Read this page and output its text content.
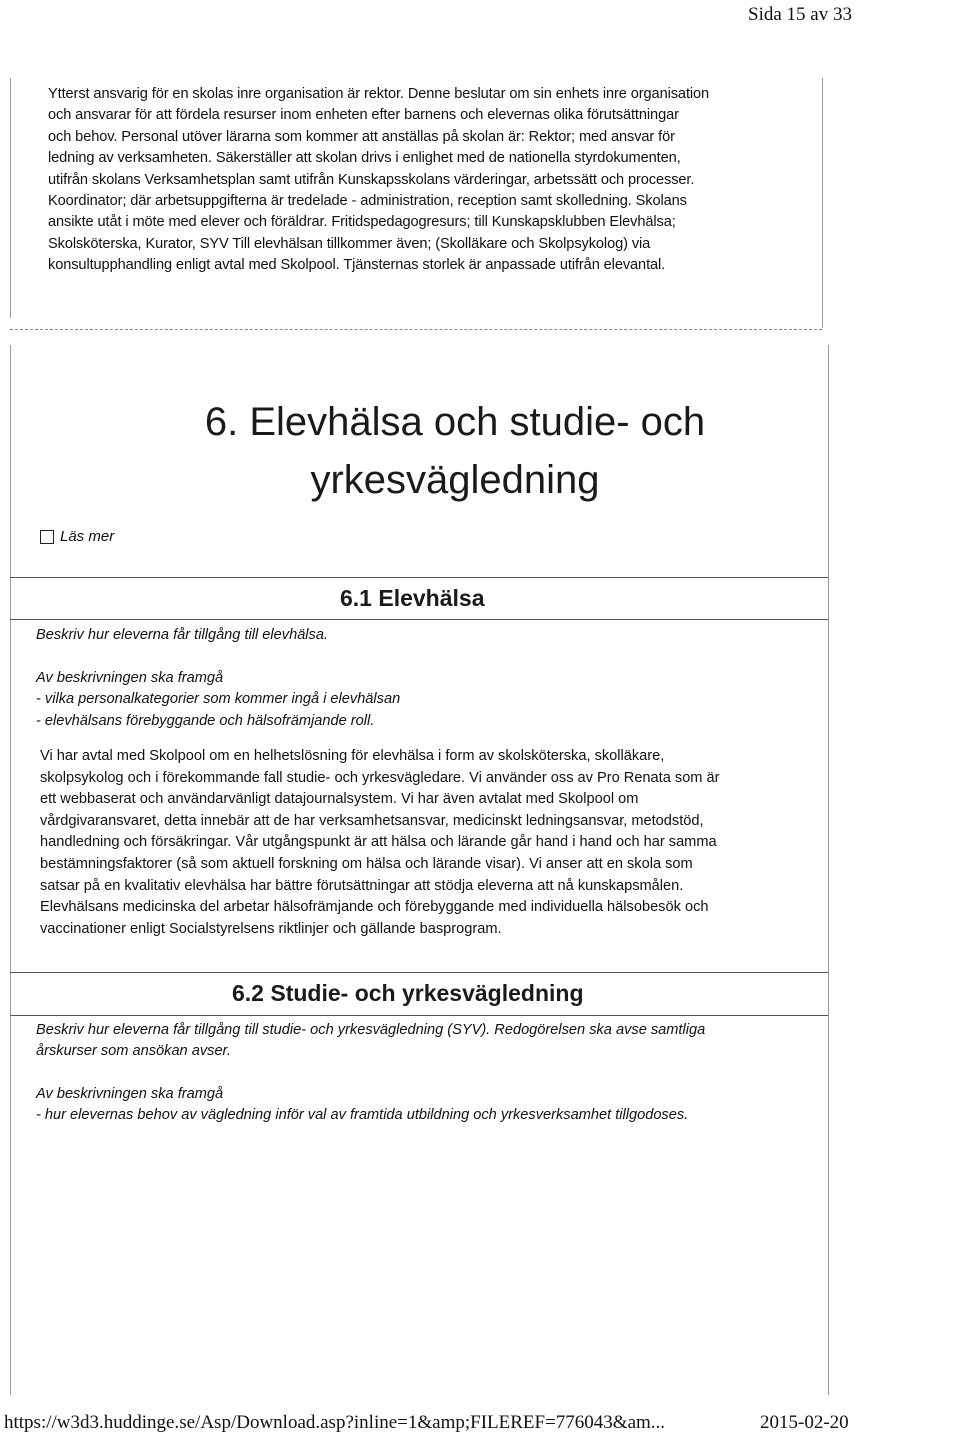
Sida 15 av 33
Ytterst ansvarig för en skolas inre organisation är rektor. Denne beslutar om sin enhets inre organisation
och ansvarar för att fördela resurser inom enheten efter barnens och elevernas olika förutsättningar
och behov. Personal utöver lärarna som kommer att anställas på skolan är: Rektor; med ansvar för
ledning av verksamheten. Säkerställer att skolan drivs i enlighet med de nationella styrdokumenten,
utifrån skolans Verksamhetsplan samt utifrån Kunskapsskolans värderingar, arbetssätt och processer.
Koordinator; där arbetsuppgifterna är tredelade - administration, reception samt skolledning. Skolans
ansikte utåt i möte med elever och föräldrar. Fritidspedagogresurs; till Kunskapsklubben Elevhälsa;
Skolsköterska, Kurator, SYV Till elevhälsan tillkommer även; (Skolläkare och Skolpsykolog) via
konsultupphandling enligt avtal med Skolpool. Tjänsternas storlek är anpassade utifrån elevantal.
6. Elevhälsa och studie- och
yrkesvägledning
Läs mer
6.1 Elevhälsa
Beskriv hur eleverna får tillgång till elevhälsa.
Av beskrivningen ska framgå
- vilka personalkategorier som kommer ingå i elevhälsan
- elevhälsans förebyggande och hälsofrämjande roll.
Vi har avtal med Skolpool om en helhetslösning för elevhälsa i form av skolsköterska, skolläkare,
skolpsykolog och i förekommande fall studie- och yrkesvägledare. Vi använder oss av Pro Renata som är
ett webbaserat och användarvänligt datajournalsystem. Vi har även avtalat med Skolpool om
vårdgivaransvaret, detta innebär att de har verksamhetsansvar, medicinskt ledningsansvar, metodstöd,
handledning och försäkringar. Vår utgångspunkt är att hälsa och lärande går hand i hand och har samma
bestämningsfaktorer (så som aktuell forskning om hälsa och lärande visar). Vi anser att en skola som
satsar på en kvalitativ elevhälsa har bättre förutsättningar att stödja eleverna att nå kunskapsmålen.
Elevhälsans medicinska del arbetar hälsofrämjande och förebyggande med individuella hälsobesök och
vaccinationer enligt Socialstyrelsens riktlinjer och gällande basprogram.
6.2 Studie- och yrkesvägledning
Beskriv hur eleverna får tillgång till studie- och yrkesvägledning (SYV). Redogörelsen ska avse samtliga
årskurser som ansökan avser.
Av beskrivningen ska framgå
- hur elevernas behov av vägledning inför val av framtida utbildning och yrkesverksamhet tillgodoses.
https://w3d3.huddinge.se/Asp/Download.asp?inline=1&amp;FILEREF=776043&am...	2015-02-20
